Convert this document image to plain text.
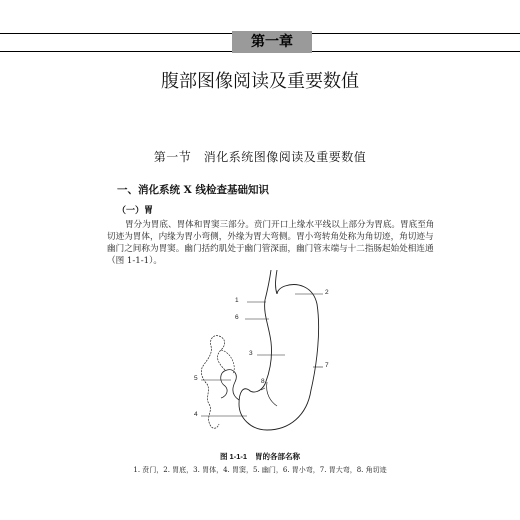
第一章
腹部图像阅读及重要数值
第一节　消化系统图像阅读及重要数值
一、消化系统 X 线检查基础知识
（一）胃
胃分为胃底、胃体和胃窦三部分。贲门开口上缘水平线以上部分为胃底。胃底至角切迹为胃体，内缘为胃小弯侧，外缘为胃大弯侧。胃小弯转角处称为角切迹，角切迹与幽门之间称为胃窦。幽门括约肌处于幽门管深面，幽门管末端与十二指肠起始处相连通（图 1-1-1）。
1
2
6
3
7
8
5
4
图 1-1-1 胃的各部名称
1. 贲门，2. 胃底，3. 胃体，4. 胃窦，5. 幽门，6. 胃小弯，7. 胃大弯，8. 角切迹
